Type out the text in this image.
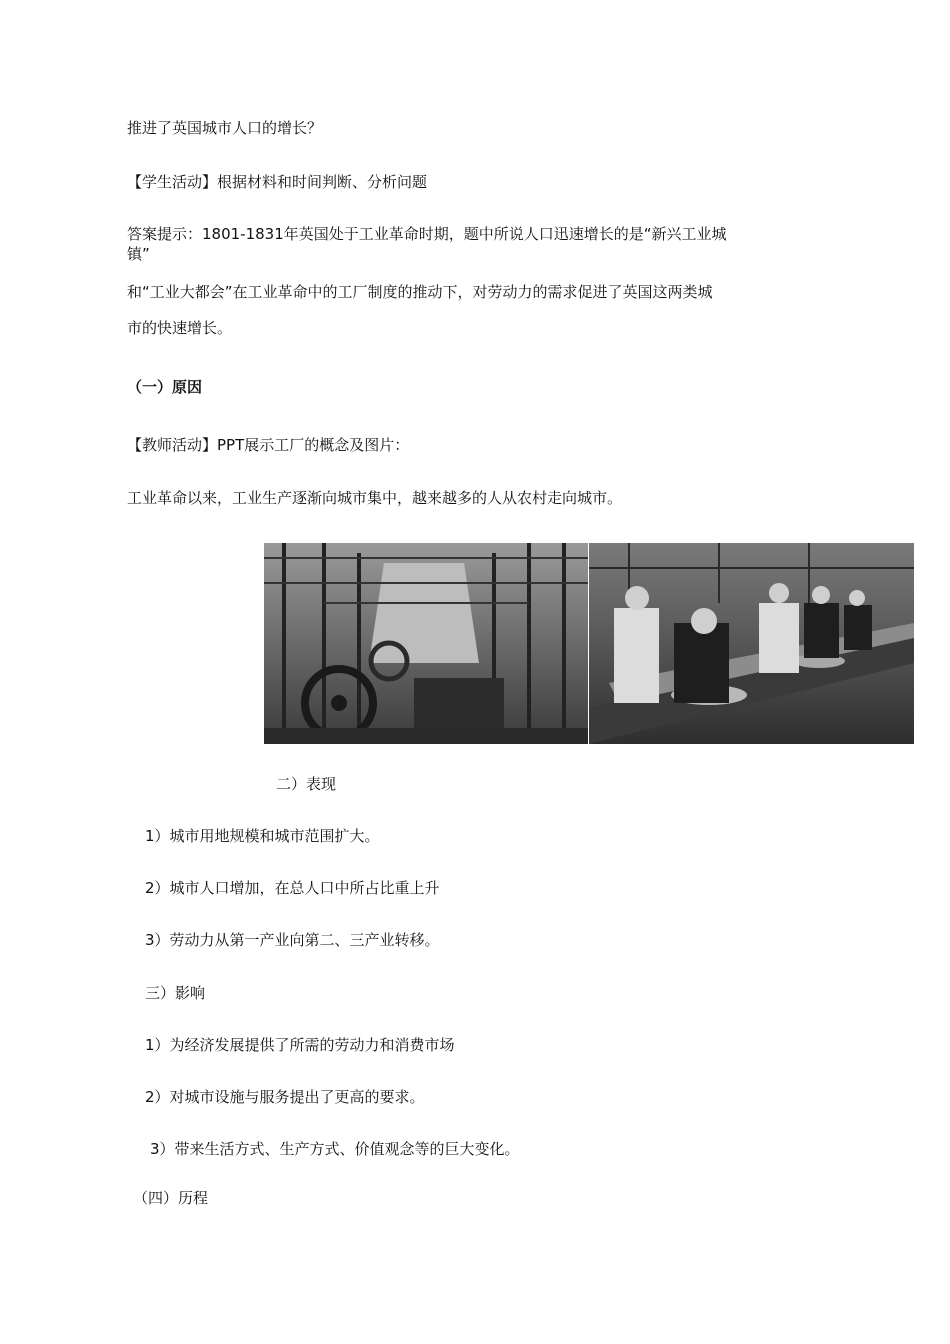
推进了英国城市人口的增长？
【学生活动】根据材料和时间判断、分析问题
答案提示：1801-1831年英国处于工业革命时期，题中所说人口迅速增长的是“新兴工业城
镇”
和“工业大都会”在工业革命中的工厂制度的推动下，对劳动力的需求促进了英国这两类城
市的快速增长。
（一）原因
【教师活动】PPT展示工厂的概念及图片：
工业革命以来，工业生产逐渐向城市集中，越来越多的人从农村走向城市。
二）表现
1）城市用地规模和城市范围扩大。
2）城市人口增加，在总人口中所占比重上升
3）劳动力从第一产业向第二、三产业转移。
三）影响
1）为经济发展提供了所需的劳动力和消费市场
2）对城市设施与服务提出了更高的要求。
3）带来生活方式、生产方式、价值观念等的巨大变化。
（四）历程
